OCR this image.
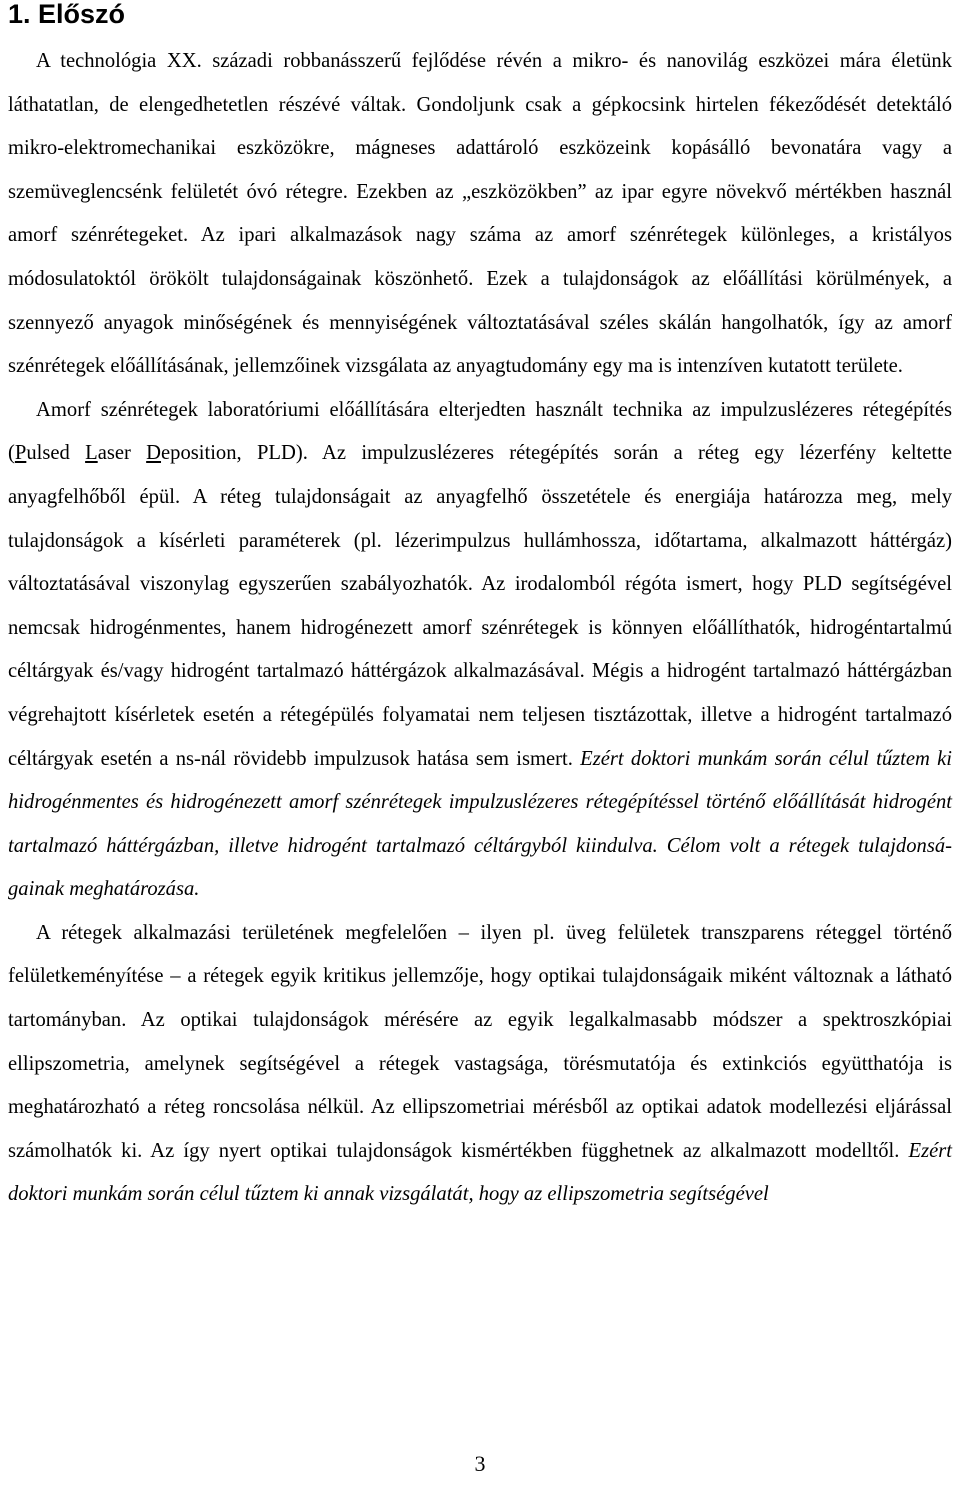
1. Előszó

A technológia XX. századi robbanásszerű fejlődése révén a mikro- és nanovilág eszközei mára életünk láthatatlan, de elengedhetetlen részévé váltak. Gondoljunk csak a gépkocsink hirtelen fékeződését detektáló mikro-elektromechanikai eszközökre, mágneses adattároló eszközeink kopásálló bevonatára vagy a szemüveglencsénk felületét óvó rétegre. Ezekben az „eszközökben” az ipar egyre növekvő mértékben használ amorf szénrétegeket. Az ipari alkalmazások nagy száma az amorf szénrétegek különleges, a kristályos módosulatoktól örökölt tulajdonságainak köszönhető. Ezek a tulajdonságok az előállítási körülmények, a szennyező anyagok minőségének és mennyiségének változtatásával széles skálán hangolhatók, így az amorf szénrétegek előállításának, jellemzőinek vizsgálata az anyagtudomány egy ma is intenzíven kutatott területe.

Amorf szénrétegek laboratóriumi előállítására elterjedten használt technika az impulzuslézeres rétegépítés (Pulsed Laser Deposition, PLD). Az impulzuslézeres rétegépítés során a réteg egy lézerfény keltette anyagfelhőből épül. A réteg tulajdonságait az anyagfelhő összetétele és energiája határozza meg, mely tulajdonságok a kísérleti paraméterek (pl. lézerimpulzus hullámhossza, időtartama, alkalmazott háttérgáz) változtatásával viszonylag egyszerűen szabályozhatók. Az irodalomból régóta ismert, hogy PLD segítségével nemcsak hidrogénmentes, hanem hidrogénezett amorf szénrétegek is könnyen előállíthatók, hidrogéntartalmú céltárgyak és/vagy hidrogént tartalmazó háttérgázok alkalmazásával. Mégis a hidrogént tartalmazó háttérgázban végrehajtott kísérletek esetén a rétegépülés folyamatai nem teljesen tisztázottak, illetve a hidrogént tartalmazó céltárgyak esetén a ns-nál rövidebb impulzusok hatása sem ismert. Ezért doktori munkám során célul tűztem ki hidrogénmentes és hidrogénezett amorf szénrétegek impulzuslézeres rétegépítéssel történő előállítását hidrogént tartalmazó háttérgázban, illetve hidrogént tartalmazó céltárgyból kiindulva. Célom volt a rétegek tulajdonságainak meghatározása.

A rétegek alkalmazási területének megfelelően – ilyen pl. üveg felületek transzparens réteggel történő felületkeményítése – a rétegek egyik kritikus jellemzője, hogy optikai tulajdonságaik miként változnak a látható tartományban. Az optikai tulajdonságok mérésére az egyik legalkalmasabb módszer a spektroszkópiai ellipszometria, amelynek segítségével a rétegek vastagsága, törésmutatója és extinkciós együtthatója is meghatározható a réteg roncsolása nélkül. Az ellipszometriai mérésből az optikai adatok modellezési eljárással számolhatók ki. Az így nyert optikai tulajdonságok kismértékben függhetnek az alkalmazott modelltől. Ezért doktori munkám során célul tűztem ki annak vizsgálatát, hogy az ellipszometria segítségével

3
